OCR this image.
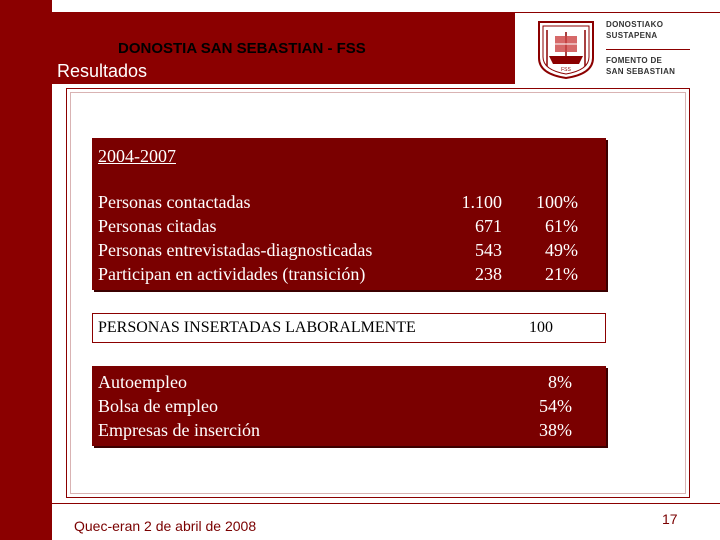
DONOSTIA SAN SEBASTIAN - FSS
Resultados	FSS
DONOSTIAKO
SUSTAPENA
FOMENTO DE
SAN SEBASTIAN
2004-2007
Personas contactadas	1.100	100%
Personas citadas	671	61%
Personas entrevistadas-diagnosticadas	543	49%
Participan en actividades (transición)	238	21%
PERSONAS INSERTADAS LABORALMENTE	100
Autoempleo	8%
Bolsa de empleo	54%
Empresas de inserción	38%
Quec-eran 2 de abril de 2008	17
